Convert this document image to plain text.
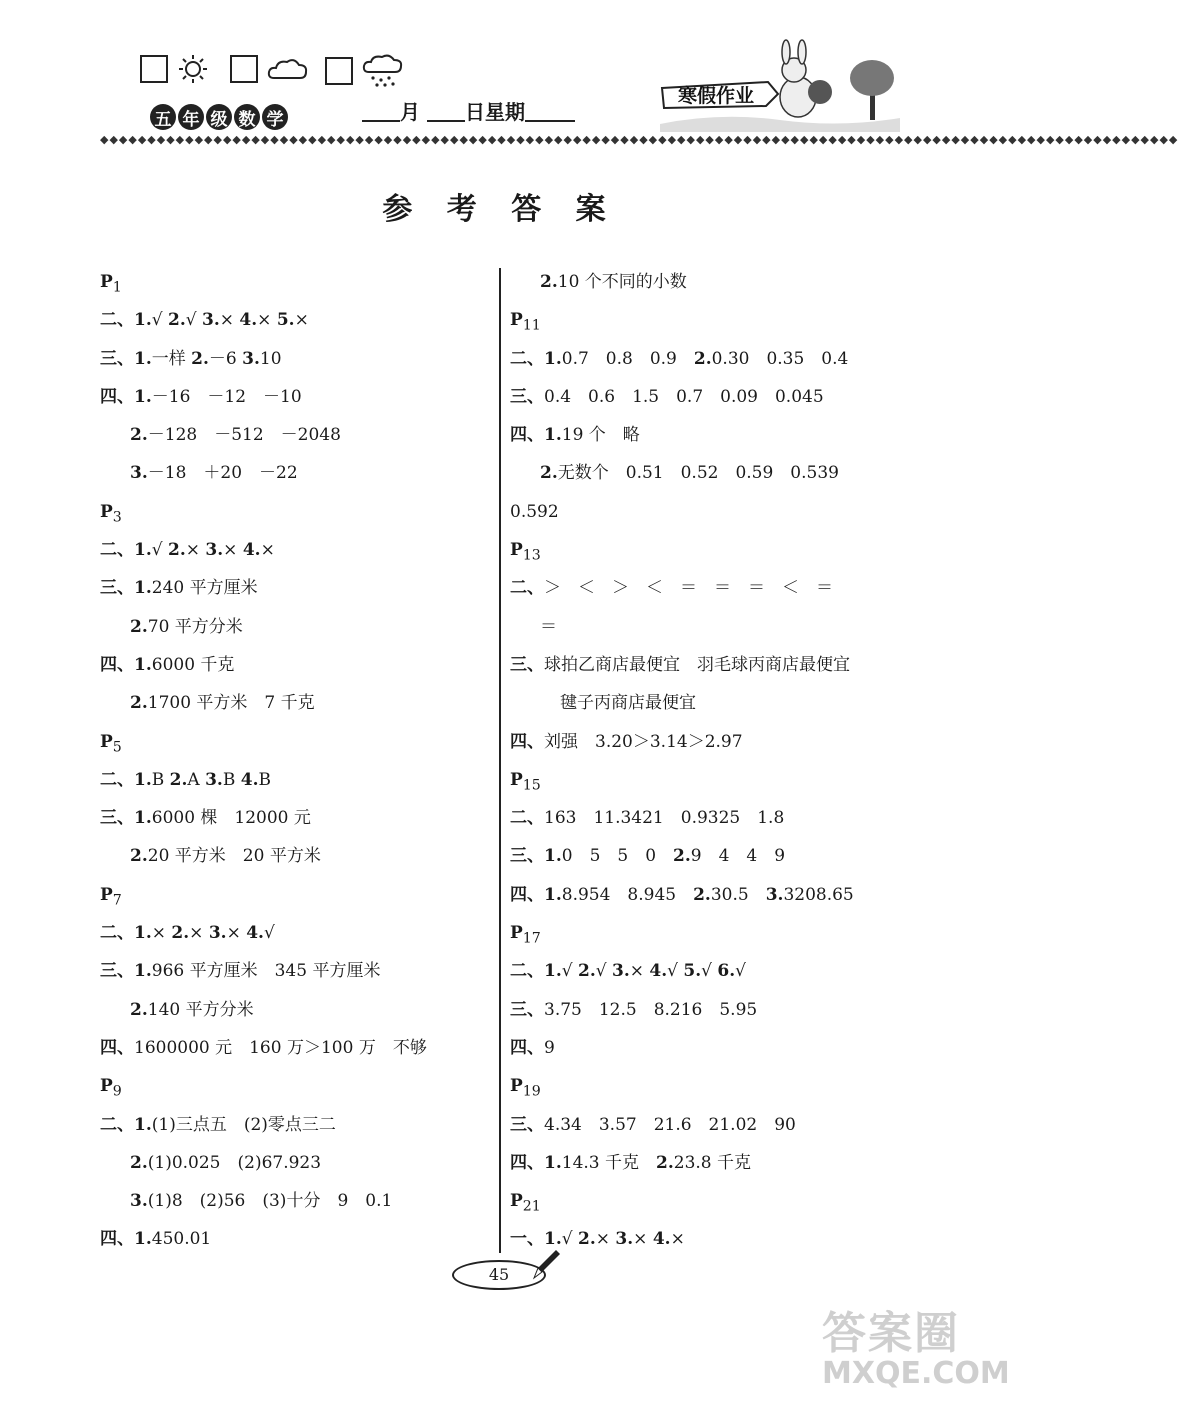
五 年 级 数 学	月 日星期
寒假作业
◆◆◆◆◆◆◆◆◆◆◆◆◆◆◆◆◆◆◆◆◆◆◆◆◆◆◆◆◆◆◆◆◆◆◆◆◆◆◆◆◆◆◆◆◆◆◆◆◆◆◆◆◆◆◆◆◆◆◆◆◆◆◆◆◆◆◆◆◆◆◆◆◆◆◆◆◆◆◆◆◆◆◆◆◆◆◆◆◆◆◆◆◆◆◆◆◆◆◆◆◆◆◆◆◆◆◆◆◆◆◆◆◆◆
参 考 答 案
$P_1$
二、1.√ 2.√ 3.× 4.× 5.×
三、1.一样 2.－6 3.10
四、1.－16　－12　－10
2.－128　－512　－2048
3.－18　＋20　－22
$P_3$
二、1.√ 2.× 3.× 4.×
三、1.240 平方厘米
2.70 平方分米
四、1.6000 千克
2.1700 平方米　7 千克
$P_5$
二、1.B 2.A 3.B 4.B
三、1.6000 棵　12000 元
2.20 平方米　20 平方米
$P_7$
二、1.× 2.× 3.× 4.√
三、1.966 平方厘米　345 平方厘米
2.140 平方分米
四、1600000 元　160 万＞100 万　不够
$P_9$
二、1.(1)三点五　(2)零点三二
2.(1)0.025　(2)67.923
3.(1)8　(2)56　(3)十分　9　0.1
四、1.450.01
2.10 个不同的小数
$P_{11}$
二、1.0.7　0.8　0.9　2.0.30　0.35　0.4
三、0.4　0.6　1.5　0.7　0.09　0.045
四、1.19 个　略
2.无数个　0.51　0.52　0.59　0.539
0.592
$P_{13}$
二、＞　＜　＞　＜　＝　＝　＝　＜　＝
＝
三、球拍乙商店最便宜　羽毛球丙商店最便宜
毽子丙商店最便宜
四、刘强　3.20＞3.14＞2.97
$P_{15}$
二、163　11.3421　0.9325　1.8
三、1.0　5　5　0　2.9　4　4　9
四、1.8.954　8.945　2.30.5　3.3208.65
$P_{17}$
二、1.√ 2.√ 3.× 4.√ 5.√ 6.√
三、3.75　12.5　8.216　5.95
四、9
$P_{19}$
三、4.34　3.57　21.6　21.02　90
四、1.14.3 千克　2.23.8 千克
$P_{21}$
一、1.√ 2.× 3.× 4.×
45
答案圈
MXQE.COM
